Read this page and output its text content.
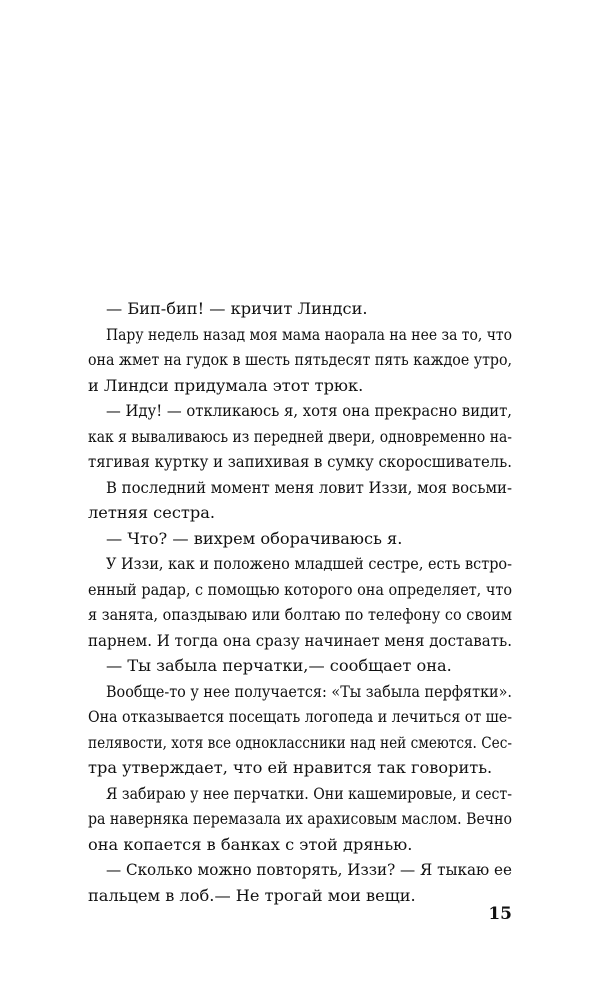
— Бип-бип! — кричит Линдси.
Пару недель назад моя мама наорала на нее за то, что
она жмет на гудок в шесть пятьдесят пять каждое утро,
и Линдси придумала этот трюк.
— Иду! — откликаюсь я, хотя она прекрасно видит,
как я вываливаюсь из передней двери, одновременно на-
тягивая куртку и запихивая в сумку скоросшиватель.
В последний момент меня ловит Иззи, моя восьми-
летняя сестра.
— Что? — вихрем оборачиваюсь я.
У Иззи, как и положено младшей сестре, есть встро-
енный радар, с помощью которого она определяет, что
я занята, опаздываю или болтаю по телефону со своим
парнем. И тогда она сразу начинает меня доставать.
— Ты забыла перчатки,— сообщает она.
Вообще-то у нее получается: «Ты забыла перфятки».
Она отказывается посещать логопеда и лечиться от ше-
пелявости, хотя все одноклассники над ней смеются. Сес-
тра утверждает, что ей нравится так говорить.
Я забираю у нее перчатки. Они кашемировые, и сест-
ра наверняка перемазала их арахисовым маслом. Вечно
она копается в банках с этой дрянью.
— Сколько можно повторять, Иззи? — Я тыкаю ее
пальцем в лоб.— Не трогай мои вещи.
15
